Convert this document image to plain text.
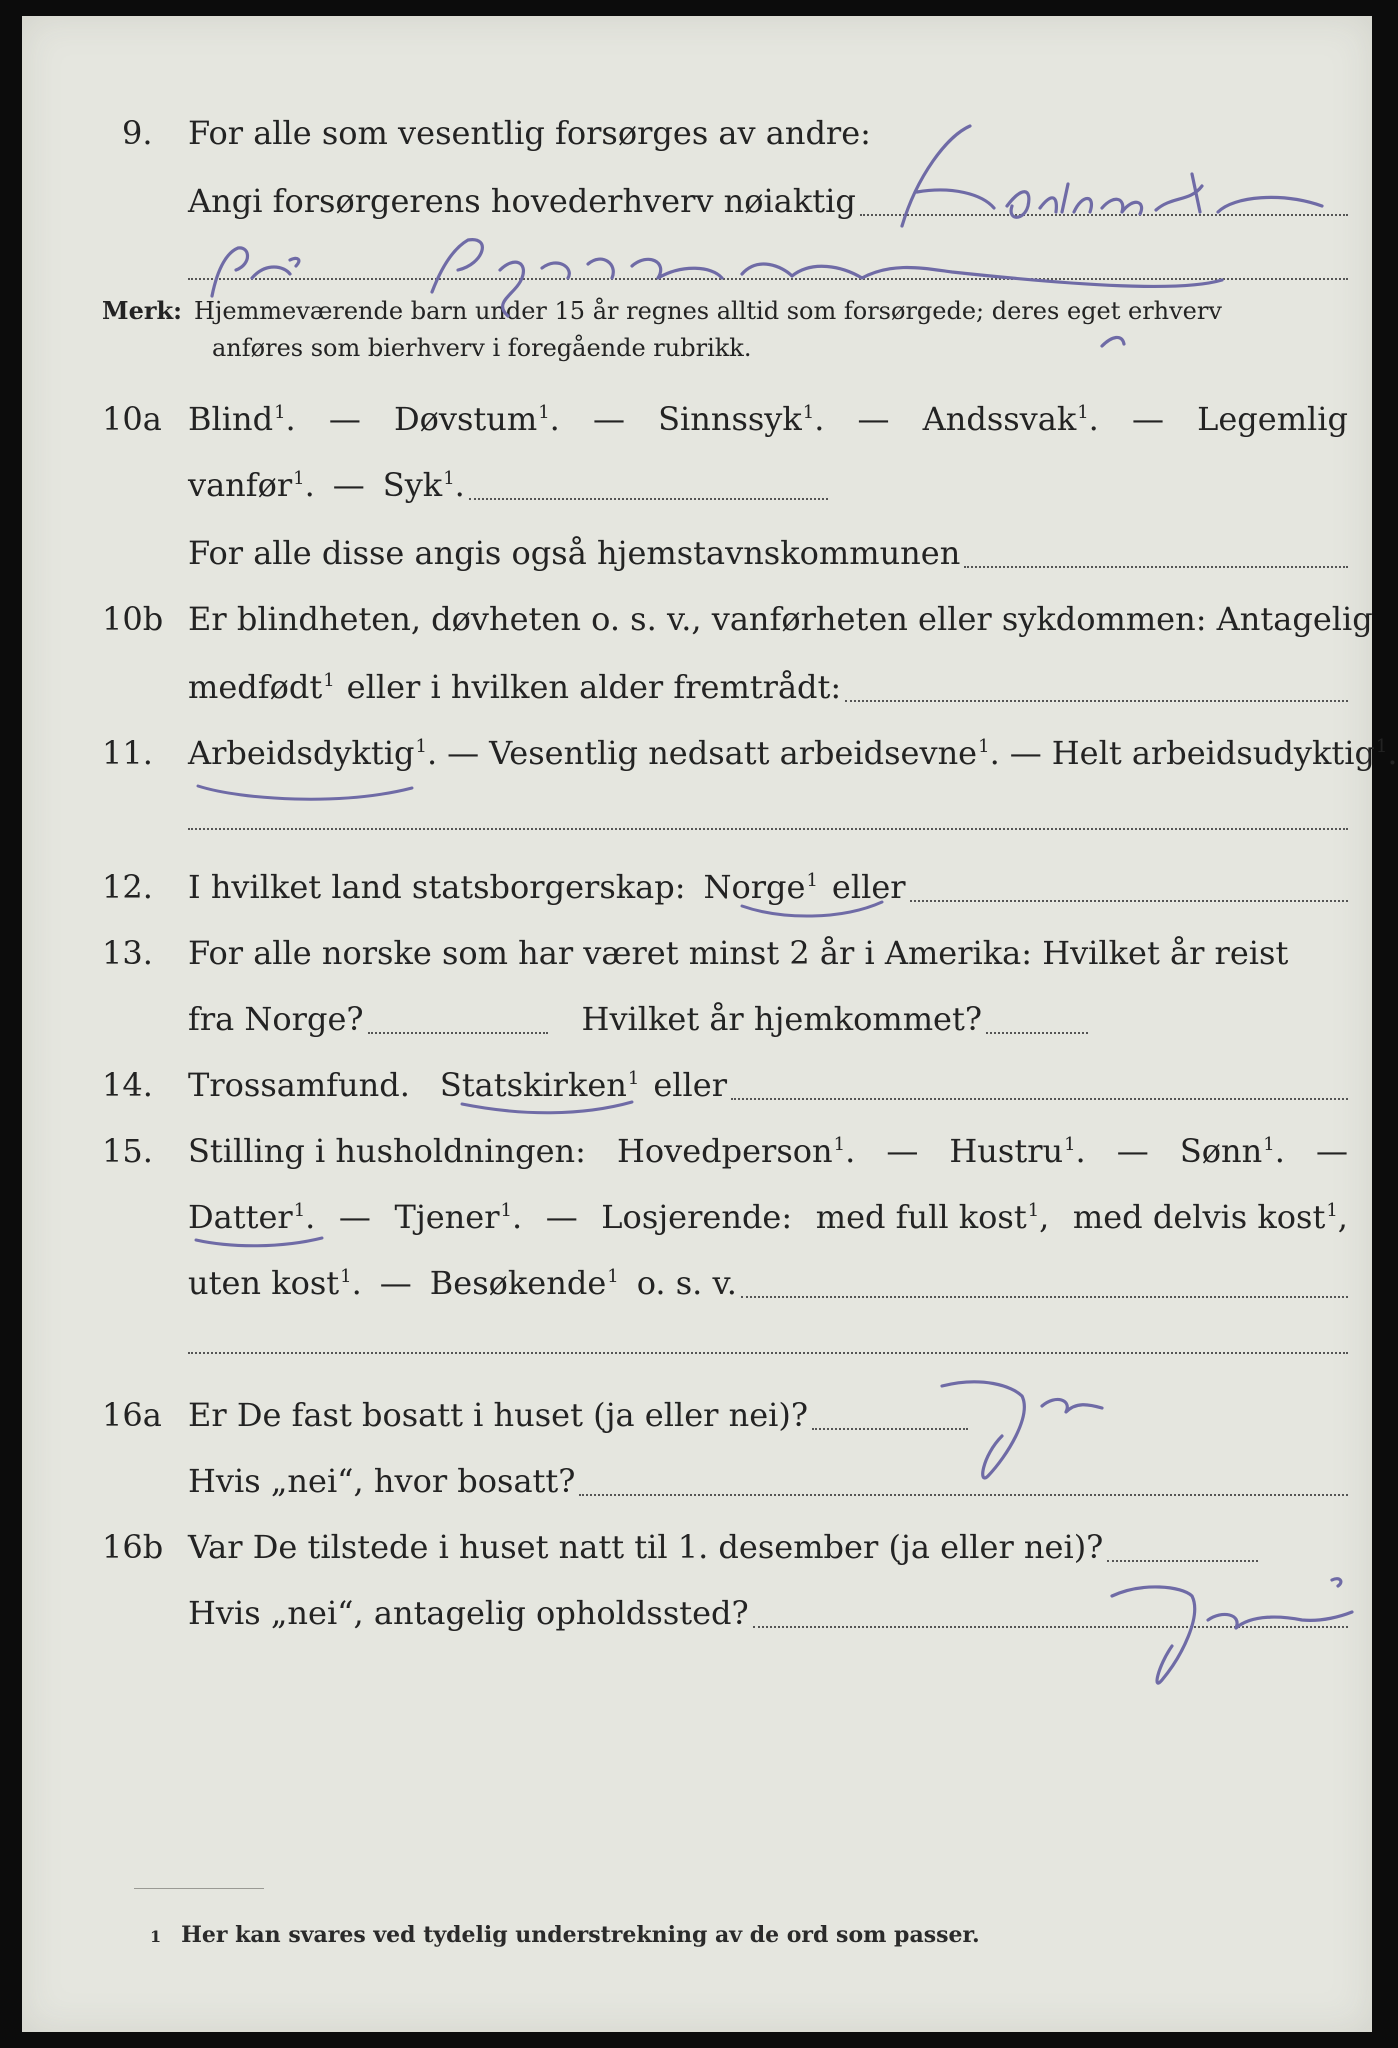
9. For alle som vesentlig forsørges av andre:
Angi forsørgerens hovederhverv nøiaktig
Merk: Hjemmeværende barn under 15 år regnes alltid som forsørgede; deres eget erhverv
anføres som bierhverv i foregående rubrikk.
10a Blind$^1$. — Døvstum$^1$. — Sinnssyk$^1$. — Andssvak$^1$. — Legemlig
vanfør$^1$. — Syk$^1$.
For alle disse angis også hjemstavnskommunen
10b Er blindheten, døvheten o. s. v., vanførheten eller sykdommen: Antagelig
medfødt$^1$ eller i hvilken alder fremtrådt:
11. Arbeidsdyktig$^1$. — Vesentlig nedsatt arbeidsevne$^1$. — Helt arbeidsudyktig$^1$.
12. I hvilket land statsborgerskap: Norge$^1$ eller
13. For alle norske som har været minst 2 år i Amerika: Hvilket år reist
fra Norge?	Hvilket år hjemkommet?
14. Trossamfund. Statskirken$^1$ eller
15. Stilling i husholdningen: Hovedperson$^1$. — Hustru$^1$. — Sønn$^1$. —
Datter$^1$. — Tjener$^1$. — Losjerende: med full kost$^1$, med delvis kost$^1$,
uten kost$^1$. — Besøkende$^1$ o. s. v.
16a Er De fast bosatt i huset (ja eller nei)?
Hvis „nei“, hvor bosatt?
16b Var De tilstede i huset natt til 1. desember (ja eller nei)?
Hvis „nei“, antagelig opholdssted?
1 Her kan svares ved tydelig understrekning av de ord som passer.
